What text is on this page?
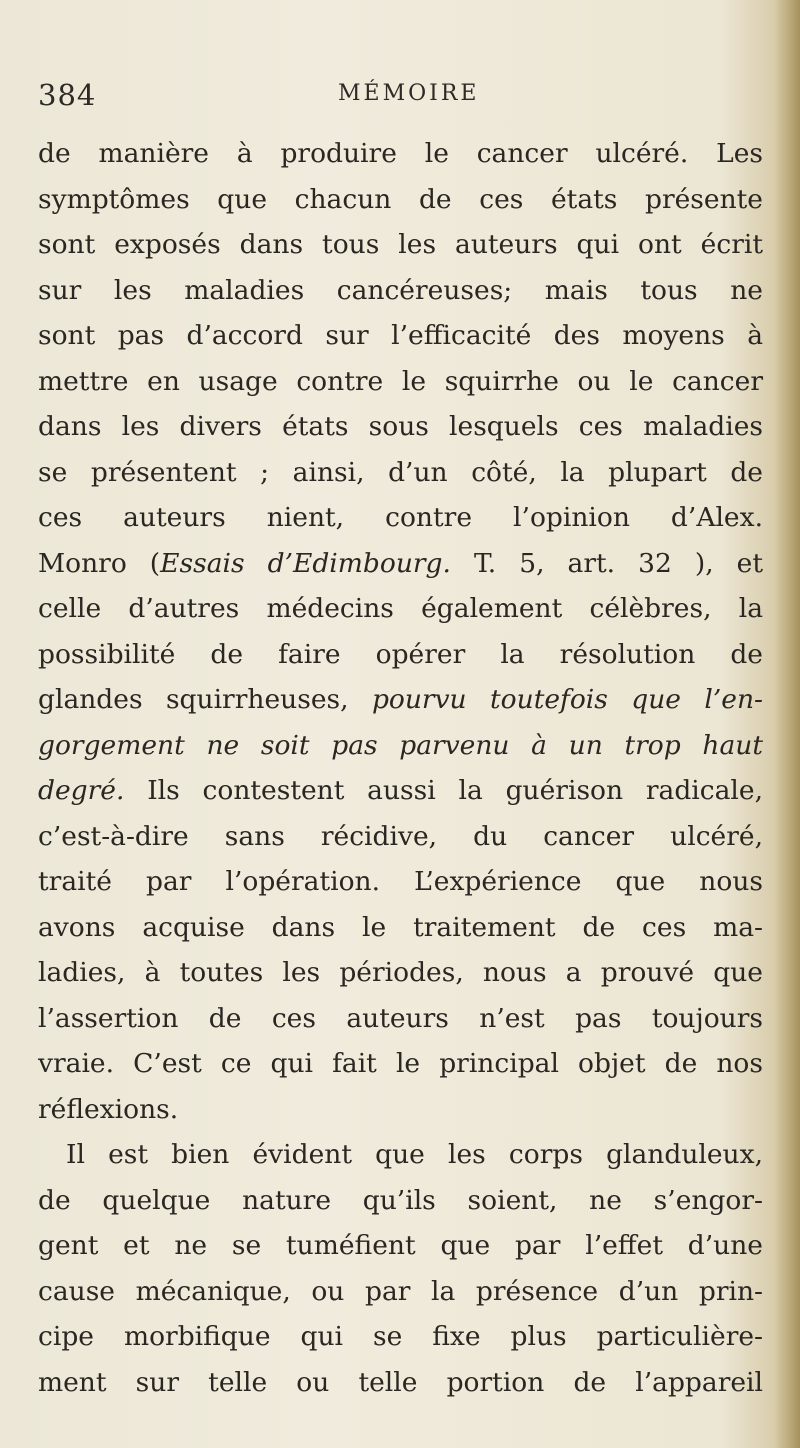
384	MÉMOIRE
de manière à produire le cancer ulcéré. Les
symptômes que chacun de ces états présente
sont exposés dans tous les auteurs qui ont écrit
sur les maladies cancéreuses; mais tous ne
sont pas d’accord sur l’efficacité des moyens à
mettre en usage contre le squirrhe ou le cancer
dans les divers états sous lesquels ces maladies
se présentent ; ainsi, d’un côté, la plupart de
ces auteurs nient, contre l’opinion d’Alex.
Monro (Essais d’Edimbourg. T. 5, art. 32 ), et
celle d’autres médecins également célèbres, la
possibilité de faire opérer la résolution de
glandes squirrheuses, pourvu toutefois que l’en-
gorgement ne soit pas parvenu à un trop haut
degré. Ils contestent aussi la guérison radicale,
c’est-à-dire sans récidive, du cancer ulcéré,
traité par l’opération. L’expérience que nous
avons acquise dans le traitement de ces ma-
ladies, à toutes les périodes, nous a prouvé que
l’assertion de ces auteurs n’est pas toujours
vraie. C’est ce qui fait le principal objet de nos
réflexions.
Il est bien évident que les corps glanduleux,
de quelque nature qu’ils soient, ne s’engor-
gent et ne se tuméfient que par l’effet d’une
cause mécanique, ou par la présence d’un prin-
cipe morbifique qui se fixe plus particulière-
ment sur telle ou telle portion de l’appareil
